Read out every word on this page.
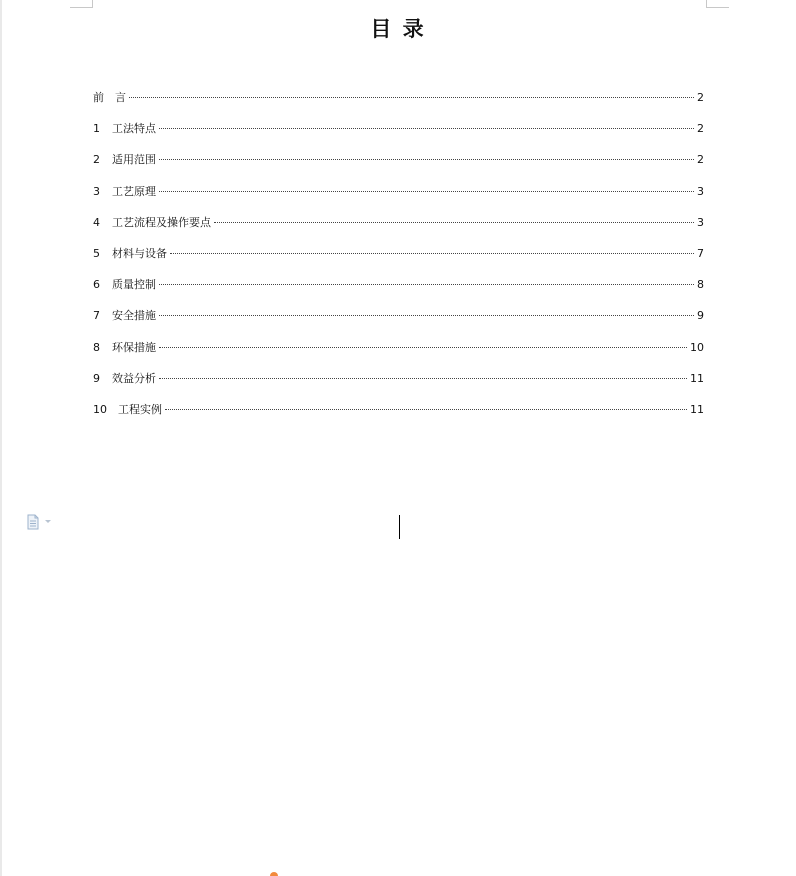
目 录
前　言	2
1	工法特点	2
2	适用范围	2
3	工艺原理	3
4	工艺流程及操作要点	3
5	材料与设备	7
6	质量控制	8
7	安全措施	9
8	环保措施	10
9	效益分析	11
10	工程实例	11
